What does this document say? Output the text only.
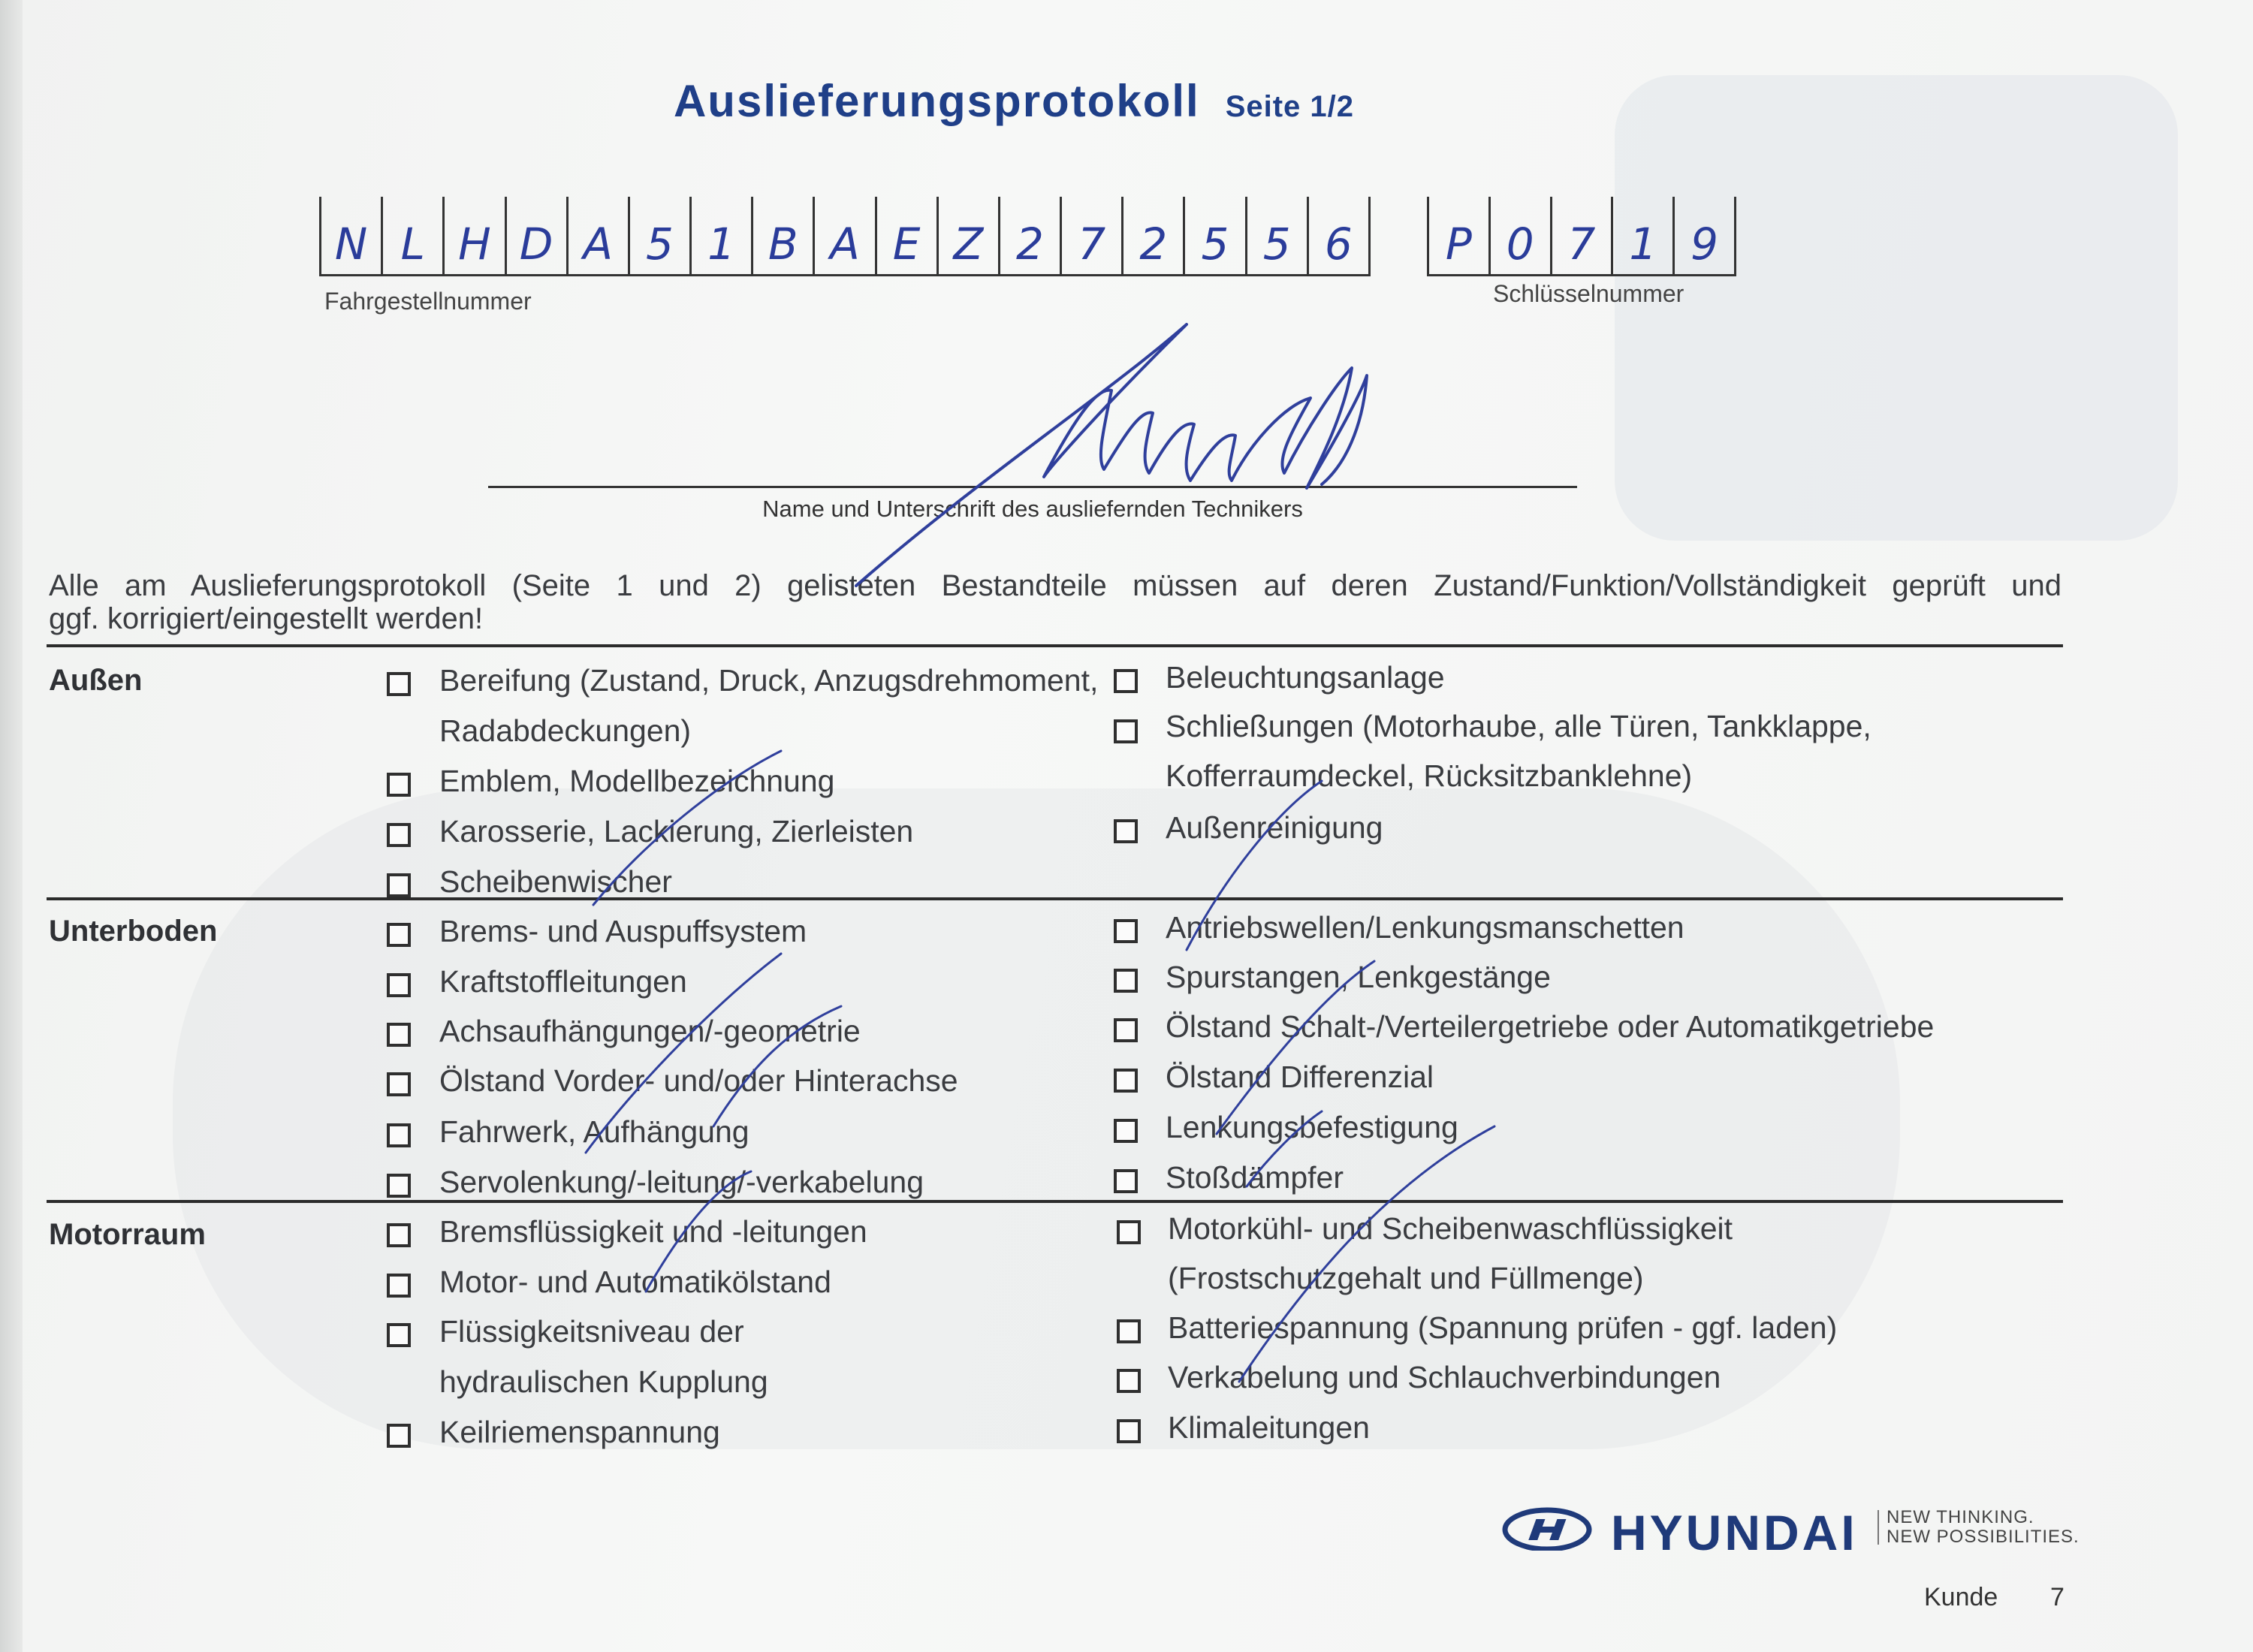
Auslieferungsprotokoll Seite 1/2
N L H D A 5 1 B A E Z 2 7 2 5 5 6
Fahrgestellnummer
P 0 7 1 9
Schlüsselnummer
Name und Unterschrift des ausliefernden Technikers
Alle am Auslieferungsprotokoll (Seite 1 und 2) gelisteten Bestandteile müssen auf deren Zustand/Funktion/Vollständigkeit geprüft und
ggf. korrigiert/eingestellt werden!
Außen	Bereifung (Zustand, Druck, Anzugsdrehmoment,
Radabdeckungen)
Emblem, Modellbezeichnung
Karosserie, Lackierung, Zierleisten
Scheibenwischer
Beleuchtungsanlage
Schließungen (Motorhaube, alle Türen, Tankklappe,
Kofferraumdeckel, Rücksitzbanklehne)
Außenreinigung
Unterboden	Brems- und Auspuffsystem
Kraftstoffleitungen
Achsaufhängungen/-geometrie
Ölstand Vorder- und/oder Hinterachse
Fahrwerk, Aufhängung
Servolenkung/-leitung/-verkabelung
Antriebswellen/Lenkungsmanschetten
Spurstangen, Lenkgestänge
Ölstand Schalt-/Verteilergetriebe oder Automatikgetriebe
Ölstand Differenzial
Lenkungsbefestigung
Stoßdämpfer
Motorraum	Bremsflüssigkeit und -leitungen
Motor- und Automatikölstand
Flüssigkeitsniveau der
hydraulischen Kupplung
Keilriemenspannung
Motorkühl- und Scheibenwaschflüssigkeit
(Frostschutzgehalt und Füllmenge)
Batteriespannung (Spannung prüfen - ggf. laden)
Verkabelung und Schlauchverbindungen
Klimaleitungen
HYUNDAI NEW THINKING.
NEW POSSIBILITIES.
Kunde 7
